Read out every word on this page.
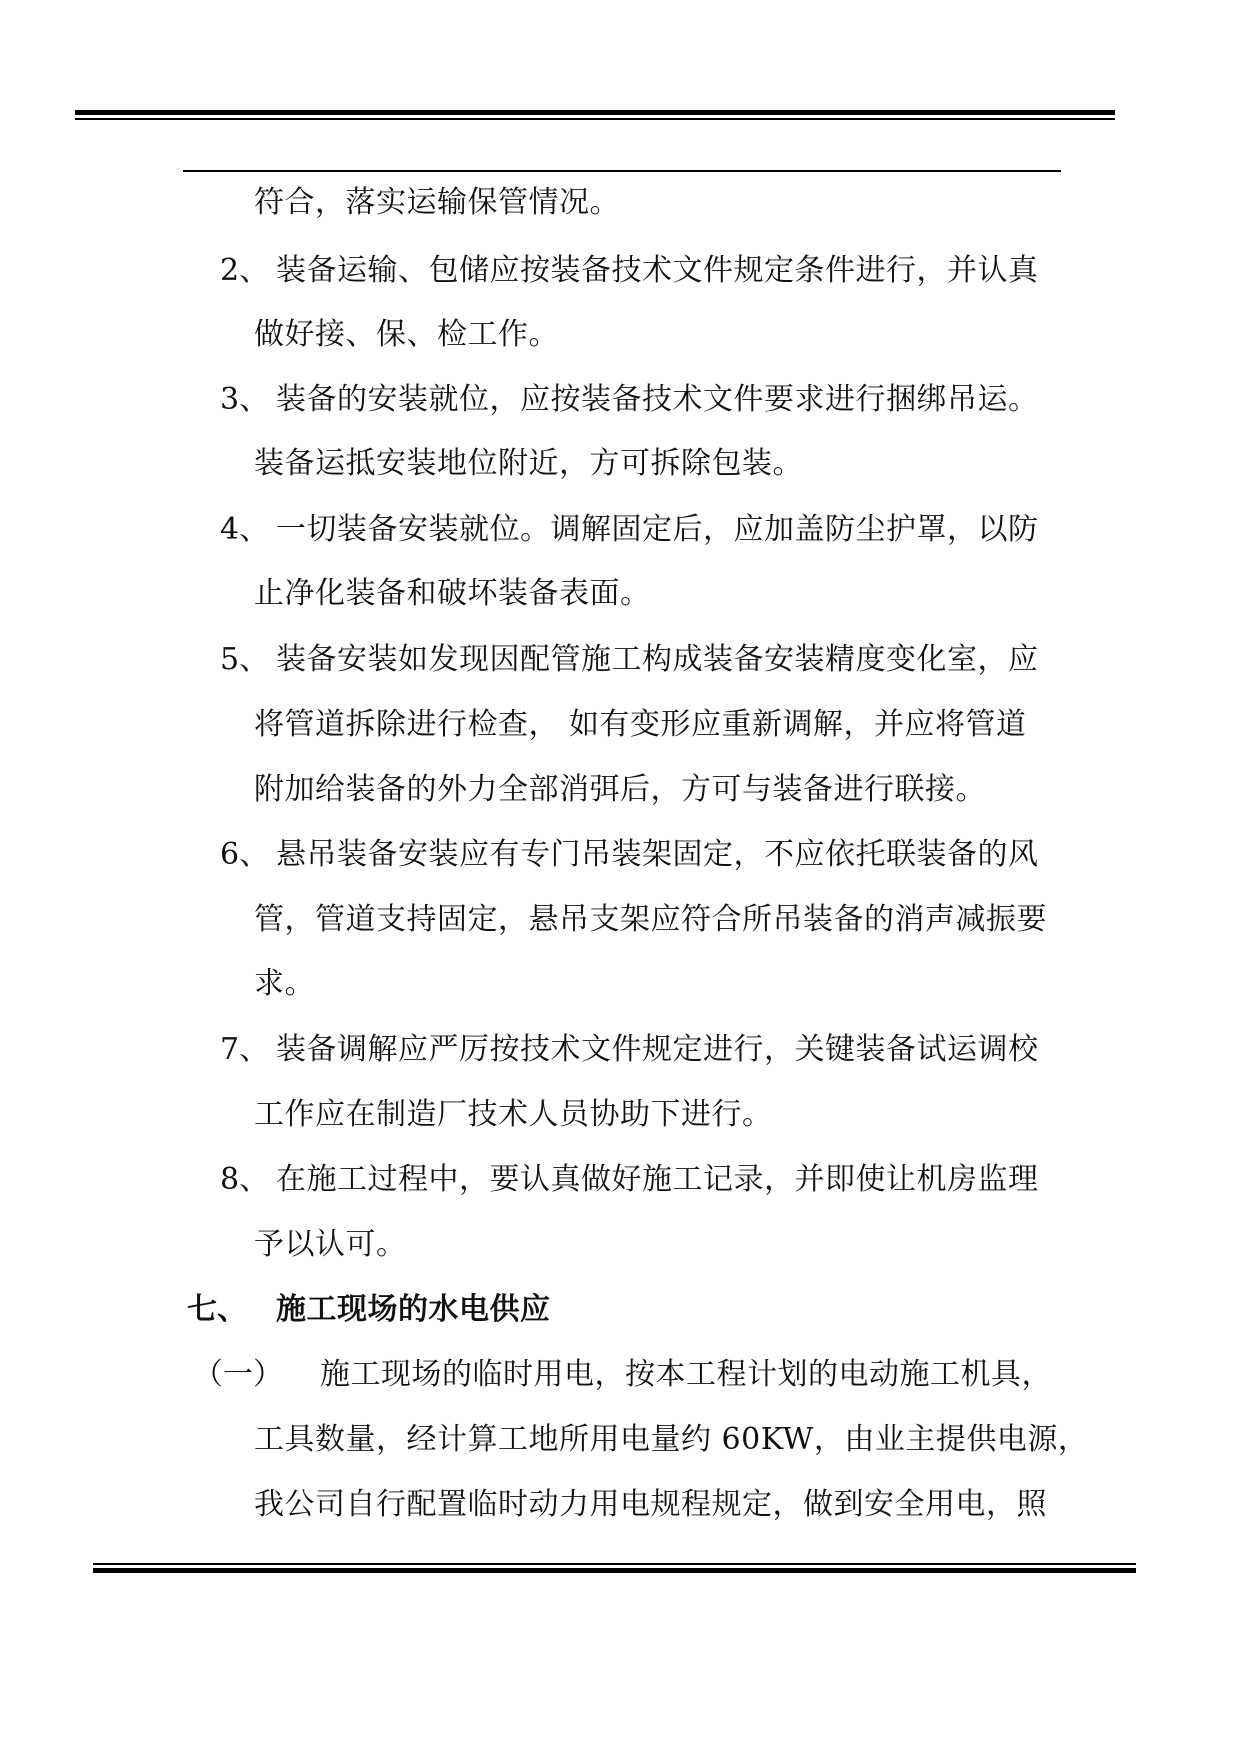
符合，落实运输保管情况。
2、 装备运输、包储应按装备技术文件规定条件进行，并认真
做好接、保、检工作。
3、 装备的安装就位，应按装备技术文件要求进行捆绑吊运。
装备运抵安装地位附近，方可拆除包装。
4、 一切装备安装就位。调解固定后，应加盖防尘护罩，以防
止净化装备和破坏装备表面。
5、 装备安装如发现因配管施工构成装备安装精度变化室，应
将管道拆除进行检查， 如有变形应重新调解，并应将管道
附加给装备的外力全部消弭后，方可与装备进行联接。
6、 悬吊装备安装应有专门吊装架固定，不应依托联装备的风
管，管道支持固定，悬吊支架应符合所吊装备的消声减振要
求。
7、 装备调解应严厉按技术文件规定进行，关键装备试运调校
工作应在制造厂技术人员协助下进行。
8、 在施工过程中，要认真做好施工记录，并即使让机房监理
予以认可。
七、 施工现场的水电供应
（一） 施工现场的临时用电，按本工程计划的电动施工机具，
工具数量，经计算工地所用电量约 60KW，由业主提供电源，
我公司自行配置临时动力用电规程规定，做到安全用电，照
